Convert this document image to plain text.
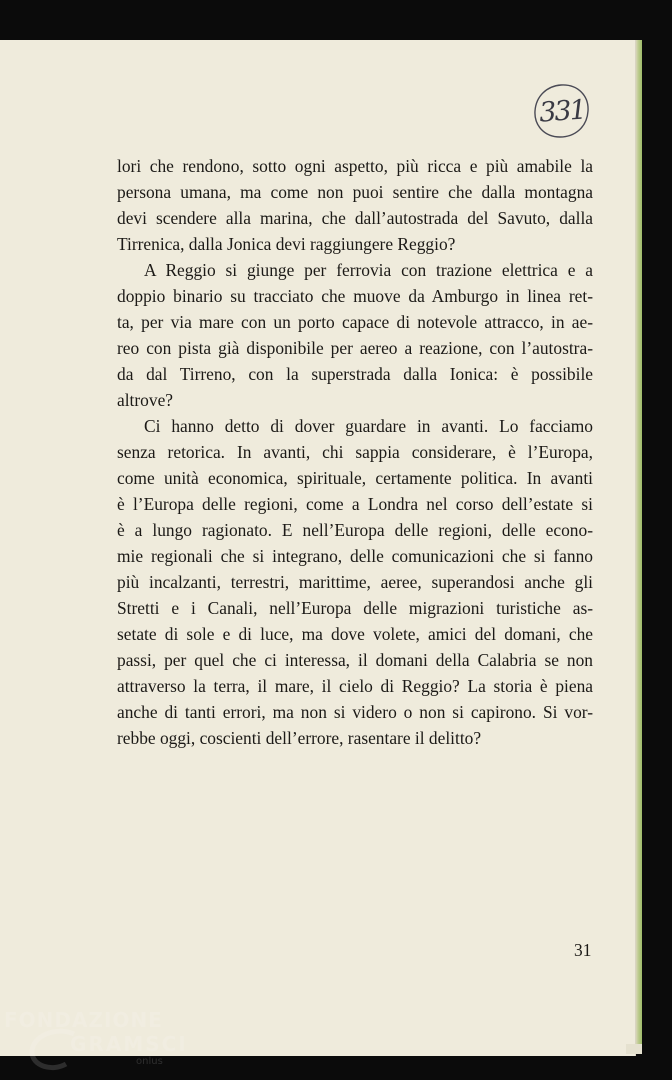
331
lori che rendono, sotto ogni aspetto, più ricca e più amabile la
persona umana, ma come non puoi sentire che dalla montagna
devi scendere alla marina, che dall’autostrada del Savuto, dalla
Tirrenica, dalla Jonica devi raggiungere Reggio?
A Reggio si giunge per ferrovia con trazione elettrica e a
doppio binario su tracciato che muove da Amburgo in linea ret-
ta, per via mare con un porto capace di notevole attracco, in ae-
reo con pista già disponibile per aereo a reazione, con l’autostra-
da dal Tirreno, con la superstrada dalla Ionica: è possibile
altrove?
Ci hanno detto di dover guardare in avanti. Lo facciamo
senza retorica. In avanti, chi sappia considerare, è l’Europa,
come unità economica, spirituale, certamente politica. In avanti
è l’Europa delle regioni, come a Londra nel corso dell’estate si
è a lungo ragionato. E nell’Europa delle regioni, delle econo-
mie regionali che si integrano, delle comunicazioni che si fanno
più incalzanti, terrestri, marittime, aeree, superandosi anche gli
Stretti e i Canali, nell’Europa delle migrazioni turistiche as-
setate di sole e di luce, ma dove volete, amici del domani, che
passi, per quel che ci interessa, il domani della Calabria se non
attraverso la terra, il mare, il cielo di Reggio? La storia è piena
anche di tanti errori, ma non si videro o non si capirono. Si vor-
rebbe oggi, coscienti dell’errore, rasentare il delitto?
31
FONDAZIONE
GRAMSCI
onlus
